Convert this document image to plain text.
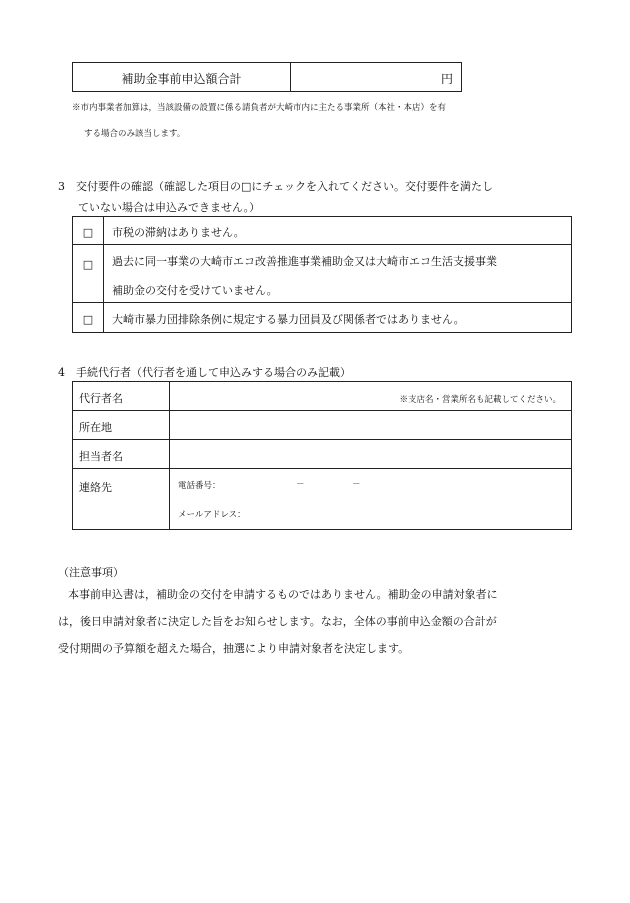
補助金事前申込額合計	円
※市内事業者加算は，当該設備の設置に係る請負者が大崎市内に主たる事業所（本社・本店）を有
する場合のみ該当します。
3　交付要件の確認（確認した項目の□にチェックを入れてください。交付要件を満たし
ていない場合は申込みできません。）
□	市税の滞納はありません。
□	過去に同一事業の大崎市エコ改善推進事業補助金又は大崎市エコ生活支援事業
補助金の交付を受けていません。

□	大崎市暴力団排除条例に規定する暴力団員及び関係者ではありません。
4　手続代行者（代行者を通して申込みする場合のみ記載）
代行者名	※支店名・営業所名も記載してください。
所在地	
担当者名	
連絡先	電話番号： － －
メールアドレス：
（注意事項）
本事前申込書は，補助金の交付を申請するものではありません。補助金の申請対象者に
は，後日申請対象者に決定した旨をお知らせします。なお，全体の事前申込金額の合計が
受付期間の予算額を超えた場合，抽選により申請対象者を決定します。
